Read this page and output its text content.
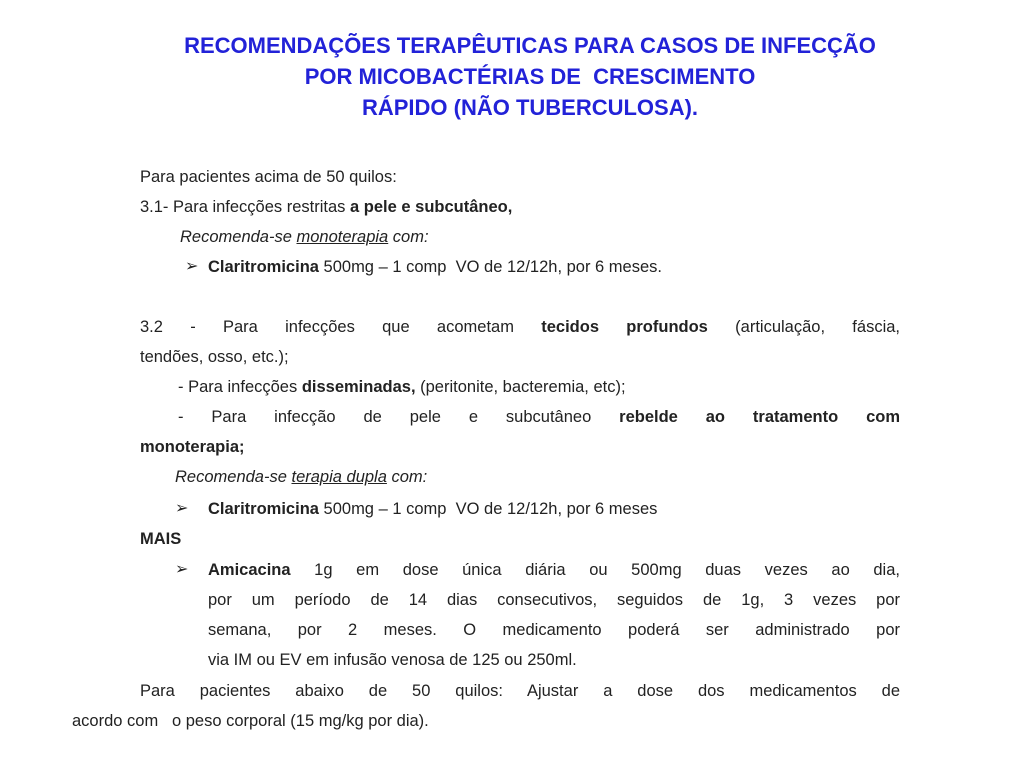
RECOMENDAÇÕES TERAPÊUTICAS PARA CASOS DE INFECÇÃO
POR MICOBACTÉRIAS DE  CRESCIMENTO
RÁPIDO (NÃO TUBERCULOSA).
Para pacientes acima de 50 quilos:
3.1- Para infecções restritas a pele e subcutâneo,
Recomenda-se monoterapia com:
➢ Claritromicina 500mg – 1 comp  VO de 12/12h, por 6 meses.
3.2 - Para infecções que acometam tecidos profundos (articulação, fáscia,
tendões, osso, etc.);
- Para infecções disseminadas, (peritonite, bacteremia, etc);
- Para infecção de pele e subcutâneo rebelde ao tratamento com
monoterapia;
Recomenda-se terapia dupla com:
➢ Claritromicina 500mg – 1 comp  VO de 12/12h, por 6 meses
MAIS
➢ Amicacina 1g em dose única diária ou 500mg duas vezes ao dia,
por um período de 14 dias consecutivos, seguidos de 1g, 3 vezes por
semana, por 2 meses. O medicamento poderá ser administrado por
via IM ou EV em infusão venosa de 125 ou 250ml.
Para pacientes abaixo de 50 quilos: Ajustar a dose dos medicamentos de
acordo com   o peso corporal (15 mg/kg por dia).
